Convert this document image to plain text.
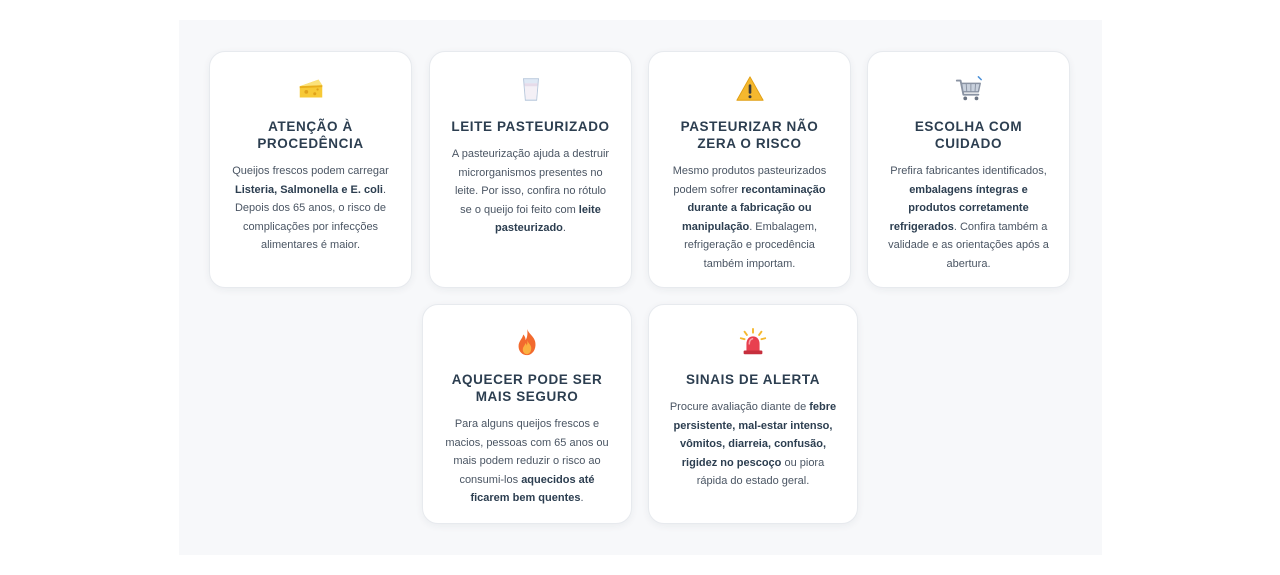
ATENÇÃO À PROCEDÊNCIA

Queijos frescos podem carregar Listeria, Salmonella e E. coli. Depois dos 65 anos, o risco de complicações por infecções alimentares é maior.

LEITE PASTEURIZADO

A pasteurização ajuda a destruir microrganismos presentes no leite. Por isso, confira no rótulo se o queijo foi feito com leite pasteurizado.

PASTEURIZAR NÃO ZERA O RISCO

Mesmo produtos pasteurizados podem sofrer recontaminação durante a fabricação ou manipulação. Embalagem, refrigeração e procedência também importam.

ESCOLHA COM CUIDADO

Prefira fabricantes identificados, embalagens íntegras e produtos corretamente refrigerados. Confira também a validade e as orientações após a abertura.

AQUECER PODE SER MAIS SEGURO

Para alguns queijos frescos e macios, pessoas com 65 anos ou mais podem reduzir o risco ao consumi-los aquecidos até ficarem bem quentes.

SINAIS DE ALERTA

Procure avaliação diante de febre persistente, mal-estar intenso, vômitos, diarreia, confusão, rigidez no pescoço ou piora rápida do estado geral.
